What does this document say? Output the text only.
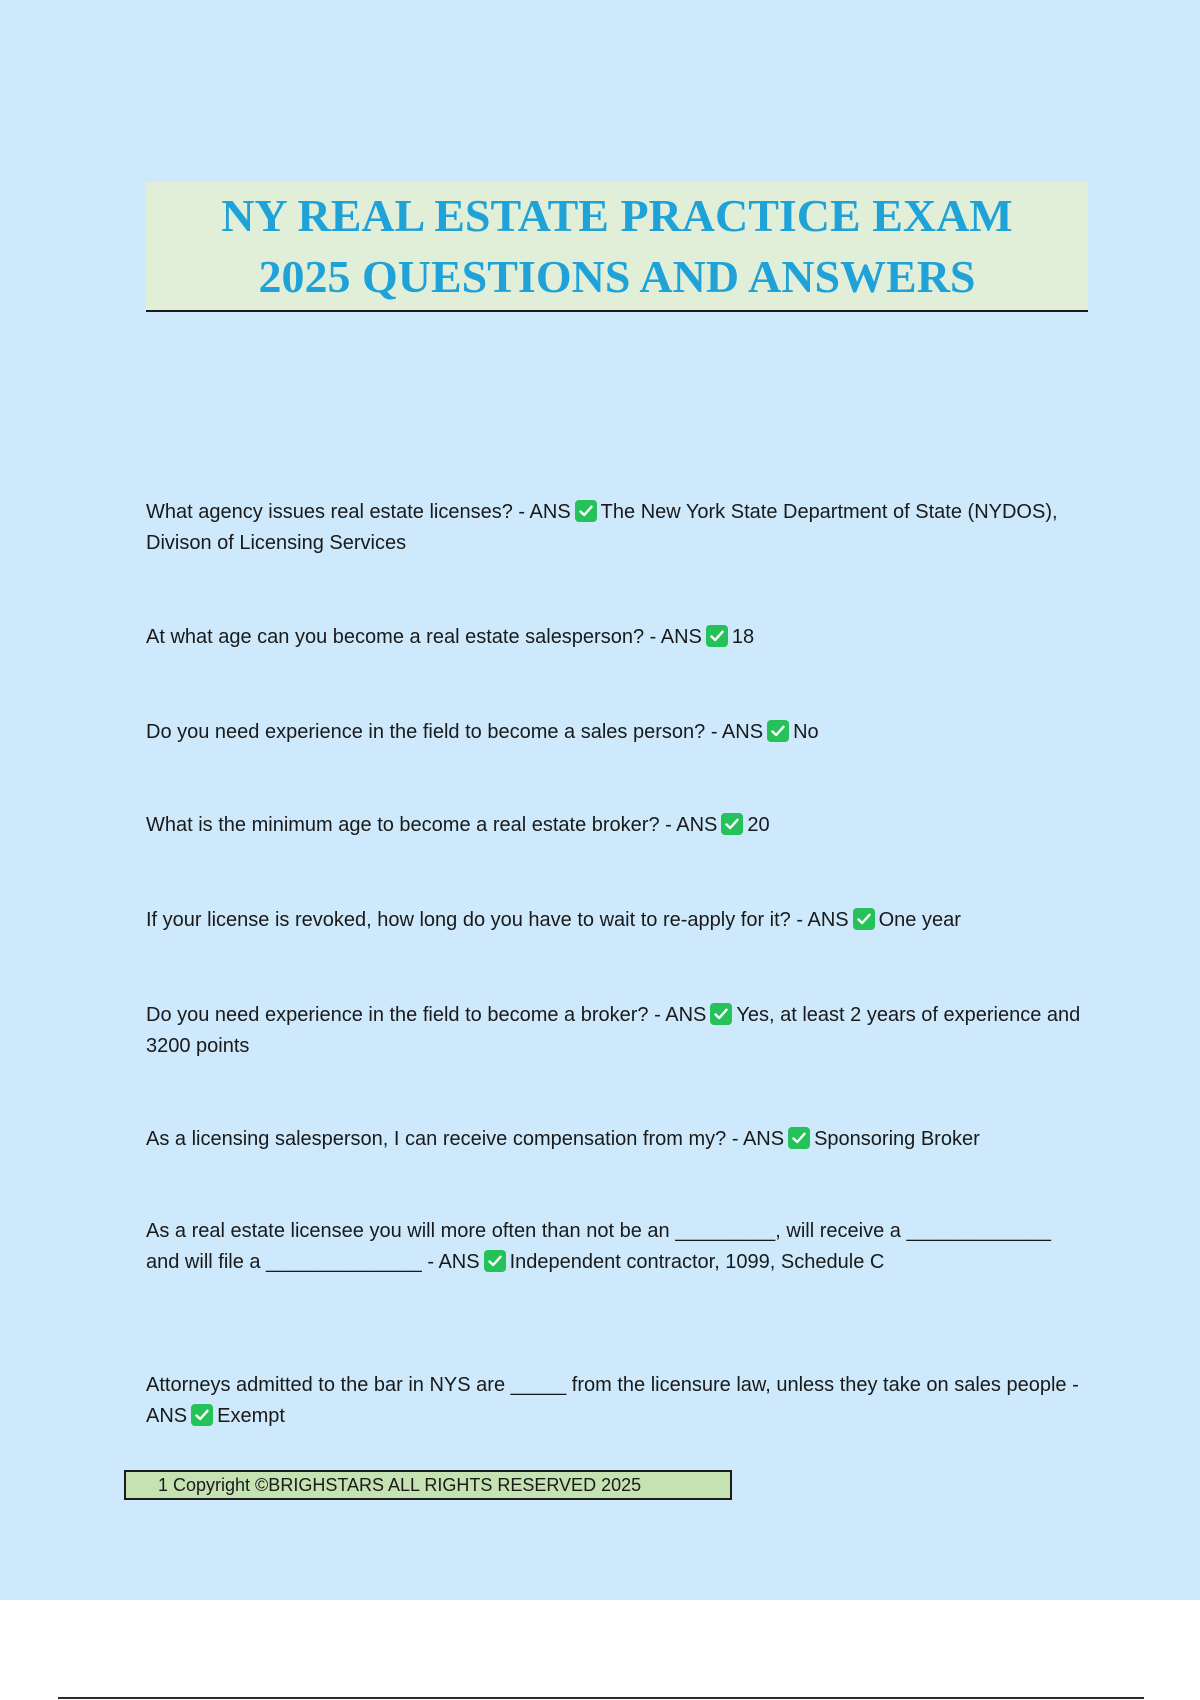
NY REAL ESTATE PRACTICE EXAM
2025 QUESTIONS AND ANSWERS
What agency issues real estate licenses? - ANS The New York State Department of State (NYDOS), Divison of Licensing Services
At what age can you become a real estate salesperson? - ANS 18
Do you need experience in the field to become a sales person? - ANS No
What is the minimum age to become a real estate broker? - ANS 20
If your license is revoked, how long do you have to wait to re-apply for it? - ANS One year
Do you need experience in the field to become a broker? - ANS Yes, at least 2 years of experience and 3200 points
As a licensing salesperson, I can receive compensation from my? - ANS Sponsoring Broker
As a real estate licensee you will more often than not be an _________, will receive a _____________ and will file a ______________ - ANS Independent contractor, 1099, Schedule C
Attorneys admitted to the bar in NYS are _____ from the licensure law, unless they take on sales people - ANS Exempt
1 Copyright ©BRIGHSTARS ALL RIGHTS RESERVED 2025
